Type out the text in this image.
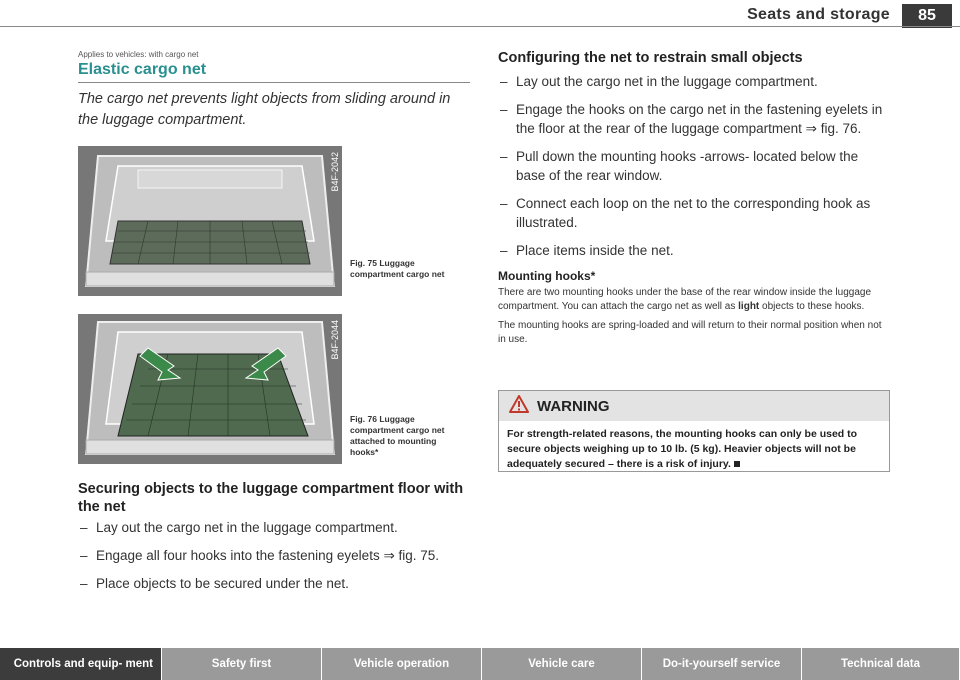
Seats and storage	85

Applies to vehicles: with cargo net

Elastic cargo net

The cargo net prevents light objects from sliding around in the luggage compartment.

B4F-2042
Fig. 75 Luggage compartment cargo net
B4F-2044
Fig. 76 Luggage compartment cargo net attached to mounting hooks*
Securing objects to the luggage compartment floor with the net
– Lay out the cargo net in the luggage compartment.
– Engage all four hooks into the fastening eyelets ⇒ fig. 75.
– Place objects to be secured under the net.
Configuring the net to restrain small objects
– Lay out the cargo net in the luggage compartment.
– Engage the hooks on the cargo net in the fastening eyelets in the floor at the rear of the luggage compartment ⇒ fig. 76.
– Pull down the mounting hooks -arrows- located below the base of the rear window.
– Connect each loop on the net to the corresponding hook as illustrated.
– Place items inside the net.
Mounting hooks*

There are two mounting hooks under the base of the rear window inside the luggage compartment. You can attach the cargo net as well as light objects to these hooks.

The mounting hooks are spring-loaded and will return to their normal position when not in use.

WARNING
For strength-related reasons, the mounting hooks can only be used to secure objects weighing up to 10 lb. (5 kg). Heavier objects will not be adequately secured – there is a risk of injury.
Controls and equip- ment	Safety first	Vehicle operation	Vehicle care	Do-it-yourself service	Technical data
